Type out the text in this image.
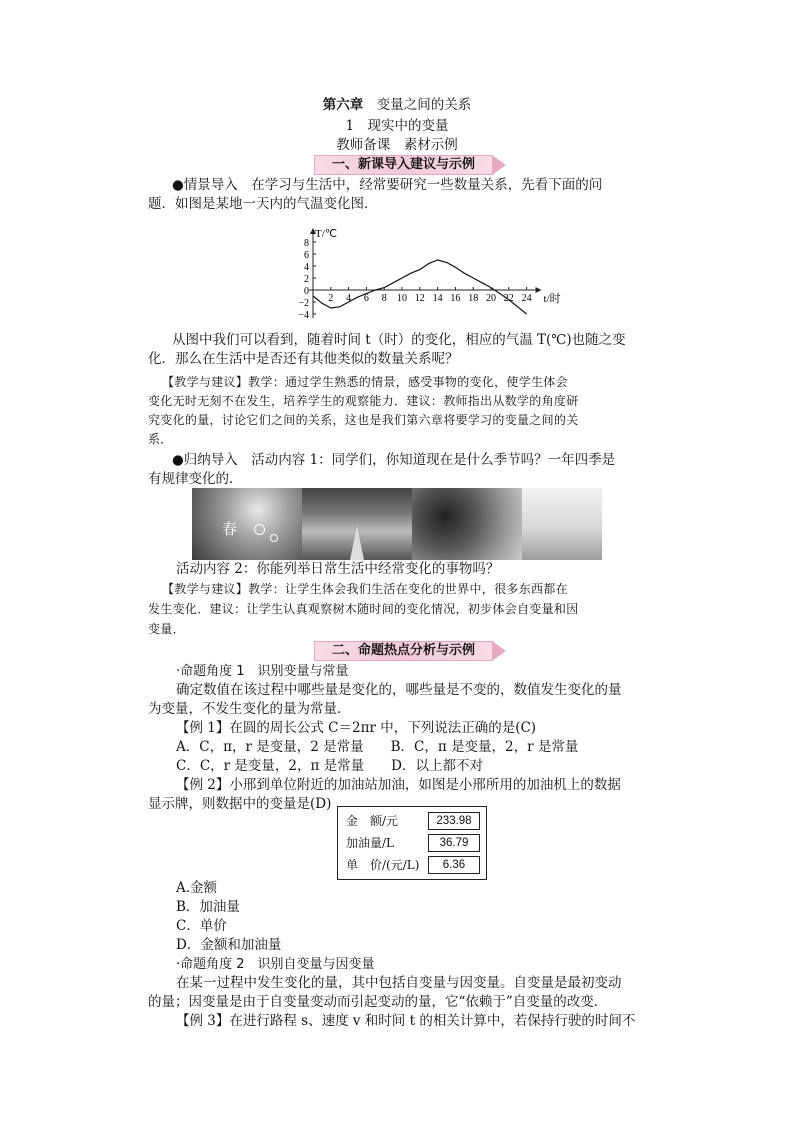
第六章　 变量之间的关系
1　现实中的变量
教师备课　素材示例
一、新课导入建议与示例
●情景导入　在学习与生活中，经常要研究一些数量关系，先看下面的问
题．如图是某地一天内的气温变化图．
T/℃
t/时
8
6
4
2
0
−2
−4
2 4 6 8 10 12 14 16 18 20 22 24
从图中我们可以看到，随着时间 t（时）的变化，相应的气温 T(℃)也随之变
化．那么在生活中是否还有其他类似的数量关系呢？
【教学与建议】教学：通过学生熟悉的情景，感受事物的变化，使学生体会
变化无时无刻不在发生，培养学生的观察能力．建议：教师指出从数学的角度研
究变化的量，讨论它们之间的关系，这也是我们第六章将要学习的变量之间的关
系．
●归纳导入　活动内容 1：同学们，你知道现在是什么季节吗？一年四季是
有规律变化的．
春
活动内容 2：你能列举日常生活中经常变化的事物吗？
【教学与建议】教学：让学生体会我们生活在变化的世界中，很多东西都在
发生变化．建议：让学生认真观察树木随时间的变化情况，初步体会自变量和因
变量．
二、命题热点分析与示例
·命题角度 1　识别变量与常量
确定数值在该过程中哪些量是变化的，哪些量是不变的，数值发生变化的量
为变量，不发生变化的量为常量．
【例 1】在圆的周长公式 C＝2πr 中，下列说法正确的是(C)
A．C，π，r 是变量，2 是常量　　B．C，π 是变量，2，r 是常量
C．C，r 是变量，2，π 是常量　　D．以上都不对
【例 2】小邢到单位附近的加油站加油，如图是小邢所用的加油机上的数据
显示牌，则数据中的变量是(D)
金　额/元	233.98
加油量/L	36.79
单　价/(元/L)	6.36
A.金额
B．加油量
C．单价
D．金额和加油量
·命题角度 2　识别自变量与因变量
在某一过程中发生变化的量，其中包括自变量与因变量。自变量是最初变动
的量；因变量是由于自变量变动而引起变动的量，它“依赖于”自变量的改变．
【例 3】在进行路程 s、速度 v 和时间 t 的相关计算中，若保持行驶的时间不
